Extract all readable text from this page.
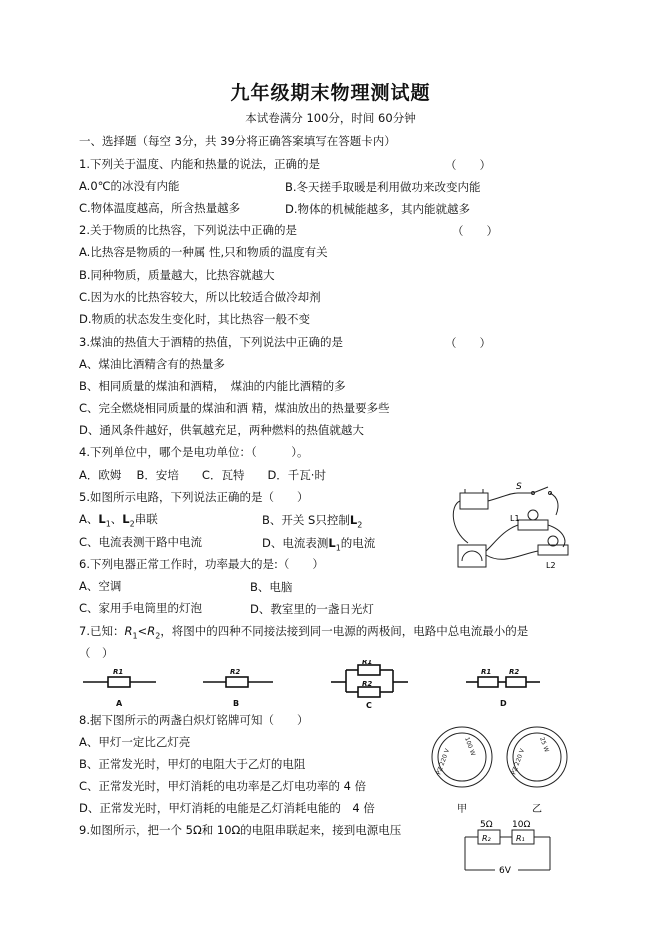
九年级期末物理测试题
本试卷满分 100分，时间 60分钟
一、选择题（每空 3分，共 39分将正确答案填写在答题卡内）
1.下列关于温度、内能和热量的说法，正确的是	（　　）
A.0℃的冰没有内能	B.冬天搓手取暖是利用做功来改变内能
C.物体温度越高，所含热量越多	D.物体的机械能越多，其内能就越多
2.关于物质的比热容，下列说法中正确的是	（　　）
A.比热容是物质的一种属 性,只和物质的温度有关
B.同种物质，质量越大，比热容就越大
C.因为水的比热容较大，所以比较适合做冷却剂
D.物质的状态发生变化时，其比热容一般不变
3.煤油的热值大于酒精的热值，下列说法中正确的是	（　　）
A、煤油比酒精含有的热量多
B、相同质量的煤油和酒精，　煤油的内能比酒精的多
C、完全燃烧相同质量的煤油和酒 精，煤油放出的热量要多些
D、通风条件越好，供氧越充足，两种燃料的热值就越大
4.下列单位中，哪个是电功单位：（　　　）。
A．欧姆　 B．安培　　C．瓦特　　D．千瓦·时
5.如图所示电路，下列说法正确的是（　　）
A、$L_1$、$L_2$串联	B、开关 S只控制$L_2$
C、电流表测干路中电流	D、电流表测$L_1$的电流
S
L1
L2
6.下列电器正常工作时，功率最大的是:（　　）
A、空调	B、电脑
C、家用手电筒里的灯泡	D、教室里的一盏日光灯
7.已知：$R_1<R_2$，将图中的四种不同接法接到同一电源的两极间，电路中总电流最小的是
（　）
R1	R2
R1
R2
R1	R2
A	B	C	D
8.据下图所示的两盏白炽灯铭牌可知（　　）
A、甲灯一定比乙灯亮
B、正常发光时，甲灯的电阻大于乙灯的电阻
C、正常发光时，甲灯消耗的电功率是乙灯电功率的 4 倍
D、正常发光时，甲灯消耗的电能是乙灯消耗电能的　4 倍
PZ 220 V
100 W
PZ 220 V
25 W
甲	乙
9.如图所示，把一个 5Ω和 10Ω的电阻串联起来，接到电源电压	5Ω 10Ω
R₂	R₁
6V
